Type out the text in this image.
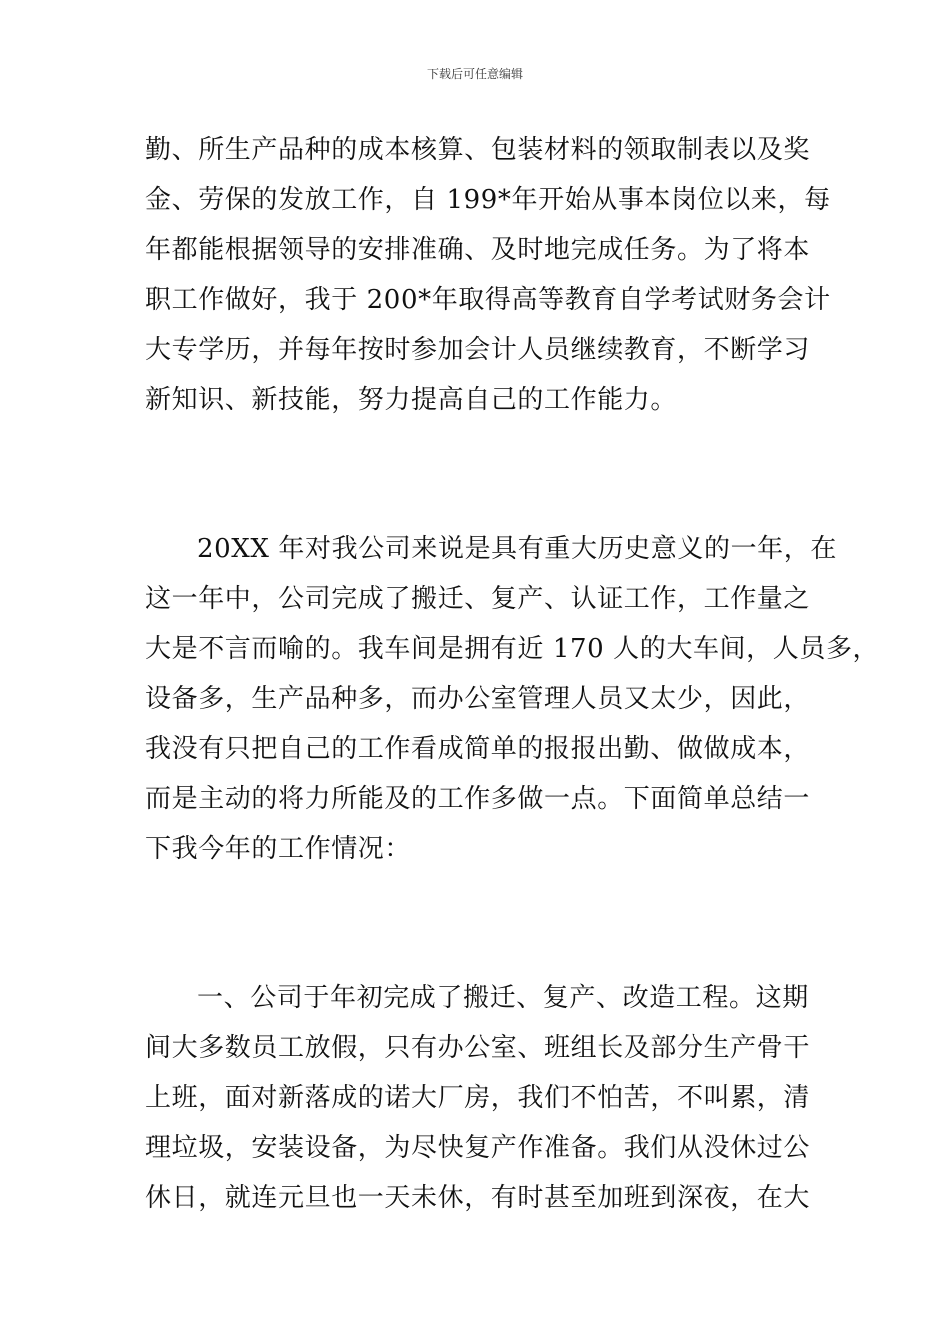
下载后可任意编辑
勤、所生产品种的成本核算、包装材料的领取制表以及奖
金、劳保的发放工作，自 199*年开始从事本岗位以来，每
年都能根据领导的安排准确、及时地完成任务。为了将本
职工作做好，我于 200*年取得高等教育自学考试财务会计
大专学历，并每年按时参加会计人员继续教育，不断学习
新知识、新技能，努力提高自己的工作能力。
20XX 年对我公司来说是具有重大历史意义的一年，在
这一年中，公司完成了搬迁、复产、认证工作，工作量之
大是不言而喻的。我车间是拥有近 170 人的大车间，人员多，
设备多，生产品种多，而办公室管理人员又太少，因此，
我没有只把自己的工作看成简单的报报出勤、做做成本，
而是主动的将力所能及的工作多做一点。下面简单总结一
下我今年的工作情况：
一、公司于年初完成了搬迁、复产、改造工程。这期
间大多数员工放假，只有办公室、班组长及部分生产骨干
上班，面对新落成的诺大厂房，我们不怕苦，不叫累，清
理垃圾，安装设备，为尽快复产作准备。我们从没休过公
休日，就连元旦也一天未休，有时甚至加班到深夜，在大
